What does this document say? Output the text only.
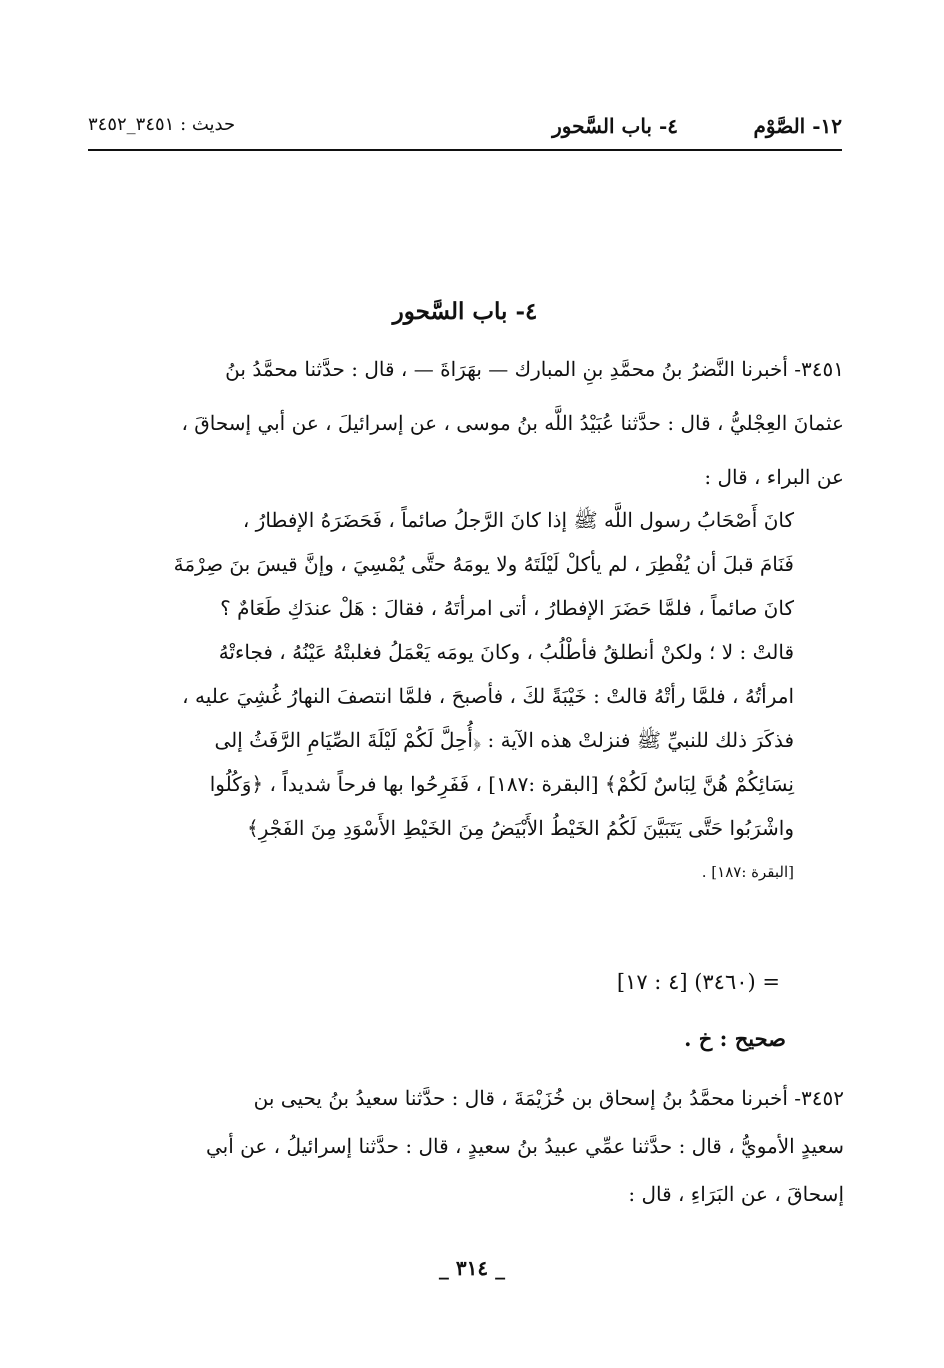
١٢- الصَّوْم
٤- باب السَّحور
حديث : ٣٤٥١_٣٤٥٢
٤- باب السَّحور
٣٤٥١- أخبرنا النَّضرُ بنُ محمَّدِ بنِ المبارك — بهَرَاةَ — ، قال : حدَّثنا محمَّدُ بنُ
عثمانَ العِجْليُّ ، قال : حدَّثنا عُبَيْدُ اللَّه بنُ موسى ، عن إسرائيلَ ، عن أبي إسحاقَ ،
عن البراء ، قال :
كانَ أَصْحَابُ رسول اللَّه ﷺ إذا كانَ الرَّجلُ صائماً ، فَحَضَرَهُ الإفطارُ ،
فَنَامَ قبلَ أن يُفْطِرَ ، لم يأكلْ لَيْلَتَهُ ولا يومَهُ حتَّى يُمْسِيَ ، وإنَّ قيسَ بنَ صِرْمَةَ
كانَ صائماً ، فلمَّا حَضَرَ الإفطارُ ، أتى امرأتَهُ ، فقالَ : هَلْ عندَكِ طَعَامٌ ؟
قالتْ : لا ؛ ولكنْ أنطلقُ فأطْلُبُ ، وكانَ يومَه يَعْمَلُ فغلبتْهُ عَيْنُهُ ، فجاءتْهُ
امرأتُهُ ، فلمَّا رأتْهُ قالتْ : خَيْبَةً لكَ ، فأصبحَ ، فلمَّا انتصفَ النهارُ غُشِيَ عليه ،
فذكَرَ ذلك للنبيِّ ﷺ فنزلتْ هذه الآية : ﴿أُحِلَّ لَكُمْ لَيْلَةَ الصِّيَامِ الرَّفَثُ إلى
نِسَائِكُمْ هُنَّ لِبَاسٌ لَكُمْ﴾ [البقرة :١٨٧] ، فَفَرِحُوا بها فرحاً شديداً ، ﴿وَكُلُوا
واشْرَبُوا حَتَّى يَتَبَيَّنَ لَكُمُ الخَيْطُ الأَبْيَضُ مِنَ الخَيْطِ الأَسْوَدِ مِنَ الفَجْرِ﴾
[البقرة :١٨٧] .
= (٣٤٦٠) [٤ : ١٧]
صحيح : خ .
٣٤٥٢- أخبرنا محمَّدُ بنُ إسحاق بن خُزَيْمَةَ ، قال : حدَّثنا سعيدُ بنُ يحيى بن
سعيدٍ الأمويُّ ، قال : حدَّثنا عمِّي عبيدُ بنُ سعيدٍ ، قال : حدَّثنا إسرائيلُ ، عن أبي
إسحاقَ ، عن البَرَاءِ ، قال :
_ ٣١٤ _
